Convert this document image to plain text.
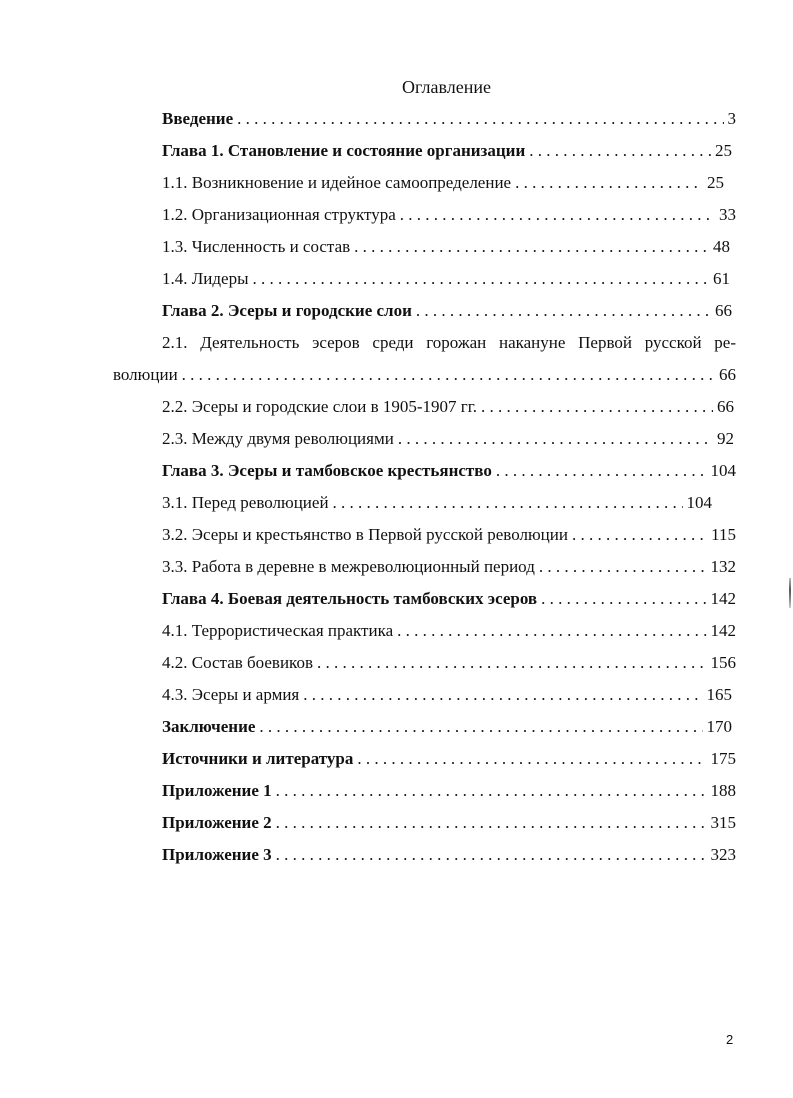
Оглавление
Введение . . .	3
Глава 1. Становление и состояние организации . . .	25
1.1. Возникновение и идейное самоопределение . . .	25
1.2. Организационная структура . . .	33
1.3. Численность и состав . . .	48
1.4. Лидеры . . .	61
Глава 2. Эсеры и городские слои . . .	66
2.1. Деятельность эсеров среди горожан накануне Первой русской ре-
волюции . . .	66
2.2. Эсеры и городские слои в 1905-1907 гг. . . .	66
2.3. Между двумя революциями . . .	92
Глава 3. Эсеры и тамбовское крестьянство . . .	104
3.1. Перед революцией . . .	104
3.2. Эсеры и крестьянство в Первой русской революции . . .	115
3.3. Работа в деревне в межреволюционный период . . .	132
Глава 4. Боевая деятельность тамбовских эсеров . . .	142
4.1. Террористическая практика . . .	142
4.2. Состав боевиков . . .	156
4.3. Эсеры и армия . . .	165
Заключение . . .	170
Источники и литература . . .	175
Приложение 1 . . .	188
Приложение 2 . . .	315
Приложение 3 . . .	323
2
